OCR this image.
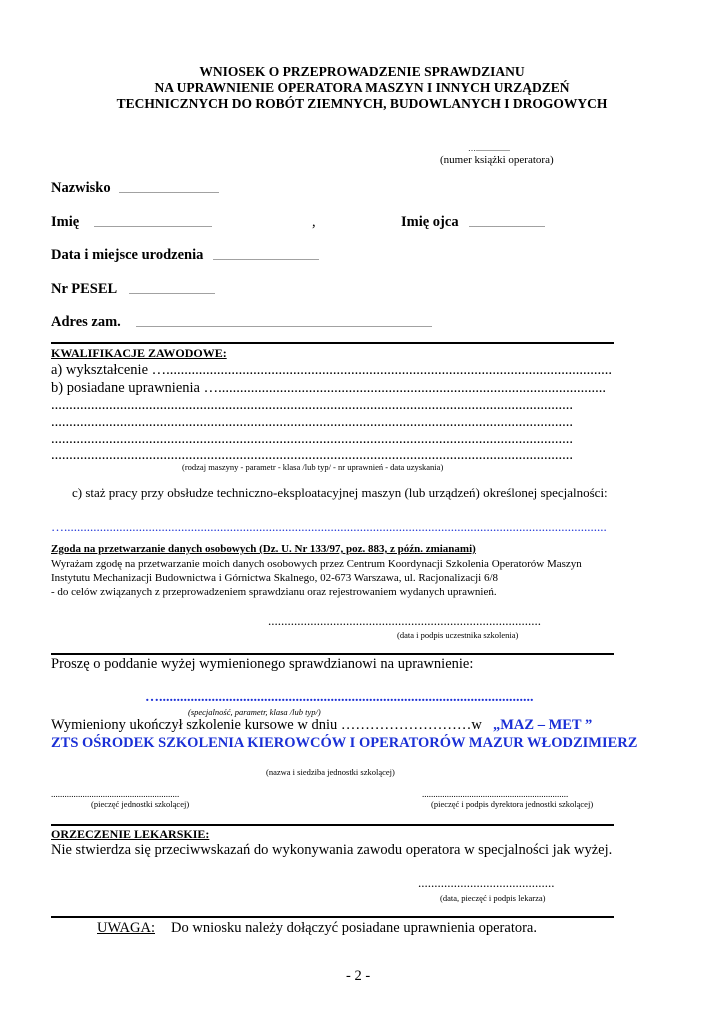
WNIOSEK O PRZEPROWADZENIE SPRAWDZIANU
NA UPRAWNIENIE OPERATORA MASZYN I INNYCH URZĄDZEŃ
TECHNICZNYCH DO ROBÓT ZIEMNYCH, BUDOWLANYCH I DROGOWYCH
….................
(numer książki operatora)
Nazwisko ..................................................
Imię ...........................................................	,	Imię ojca ......................................
Data i miejsce urodzenia .....................................................
Nr PESEL ...........................................
Adres zam. ....................................................................................................................................................
KWALIFIKACJE ZAWODOWE:
a) wykształcenie …...........................................................................................................................
b) posiadane uprawnienia …...........................................................................................................
................................................................................................................................................
................................................................................................................................................
................................................................................................................................................
................................................................................................................................................
(rodzaj maszyny - parametr - klasa /lub typ/ - nr uprawnień - data uzyskania)
c) staż pracy przy obsłudze techniczno-eksploatacyjnej maszyn (lub urządzeń) określonej specjalności:
….......................................................................................................................................................................
Zgoda na przetwarzanie danych osobowych (Dz. U. Nr 133/97, poz. 883, z późn. zmianami)
Wyrażam zgodę na przetwarzanie moich danych osobowych przez Centrum Koordynacji Szkolenia Operatorów Maszyn
Instytutu Mechanizacji Budownictwa i Górnictwa Skalnego, 02-673 Warszawa, ul. Racjonalizacji 6/8
- do celów związanych z przeprowadzeniem sprawdzianu oraz rejestrowaniem wydanych uprawnień.
....................................................................................
(data i podpis uczestnika szkolenia)
Proszę o poddanie wyżej wymienionego sprawdzianowi na uprawnienie:
…...........................................................................................................
(specjalność, parametr, klasa /lub typ/)
Wymieniony ukończył szkolenie kursowe w dniu ………………………w „MAZ – MET ”
ZTS OŚRODEK SZKOLENIA KIEROWCÓW I OPERATORÓW MAZUR WŁODZIMIERZ
(nazwa i siedziba jednostki szkolącej)
.........................................................
(pieczęć jednostki szkolącej)
.................................................................
(pieczęć i podpis dyrektora jednostki szkolącej)
ORZECZENIE LEKARSKIE:
Nie stwierdza się przeciwwskazań do wykonywania zawodu operatora w specjalności jak wyżej.
..........................................
(data, pieczęć i podpis lekarza)
UWAGA: Do wniosku należy dołączyć posiadane uprawnienia operatora.
- 2 -
